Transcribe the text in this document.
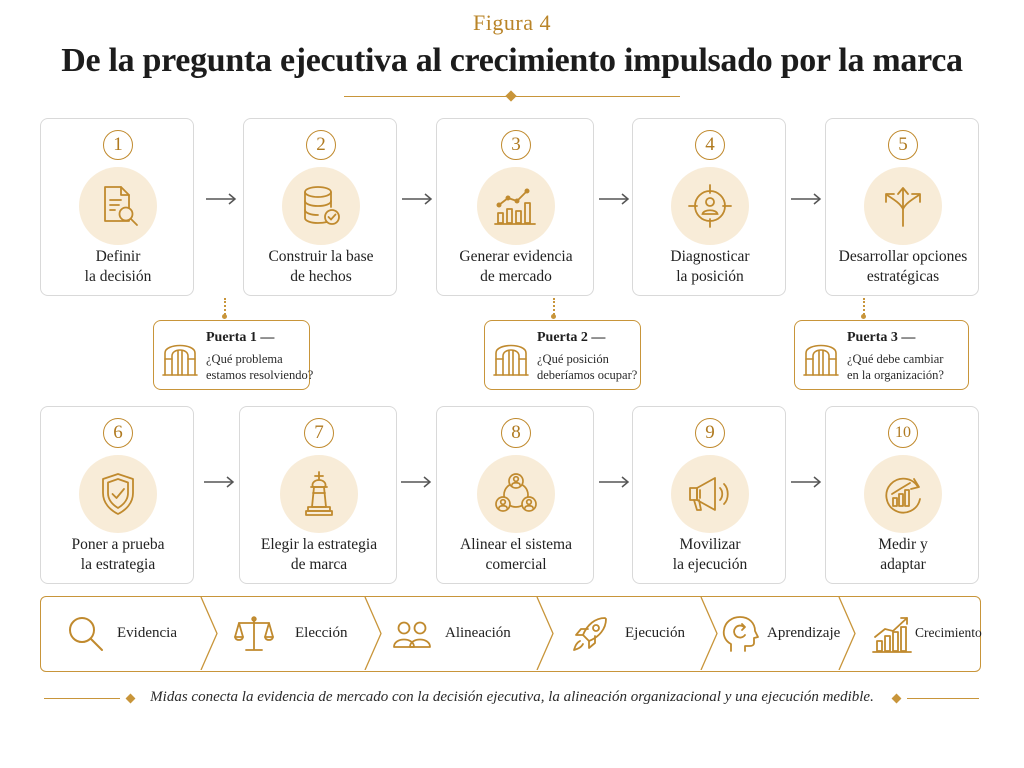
Figura 4
De la pregunta ejecutiva al crecimiento impulsado por la marca
1
Definir
la decisión
2
Construir la base
de hechos
3
Generar evidencia
de mercado
4
Diagnosticar
la posición
5
Desarrollar opciones
estratégicas
Puerta 1 —
¿Qué problema
estamos resolviendo?
Puerta 2 —
¿Qué posición
deberíamos ocupar?
Puerta 3 —
¿Qué debe cambiar
en la organización?
6
Poner a prueba
la estrategia
7
Elegir la estrategia
de marca
8
Alinear el sistema
comercial
9
Movilizar
la ejecución
10
Medir y
adaptar
Evidencia	Elección	Alineación	Ejecución	Aprendizaje	Crecimiento
Midas conecta la evidencia de mercado con la decisión ejecutiva, la alineación organizacional y una ejecución medible.
